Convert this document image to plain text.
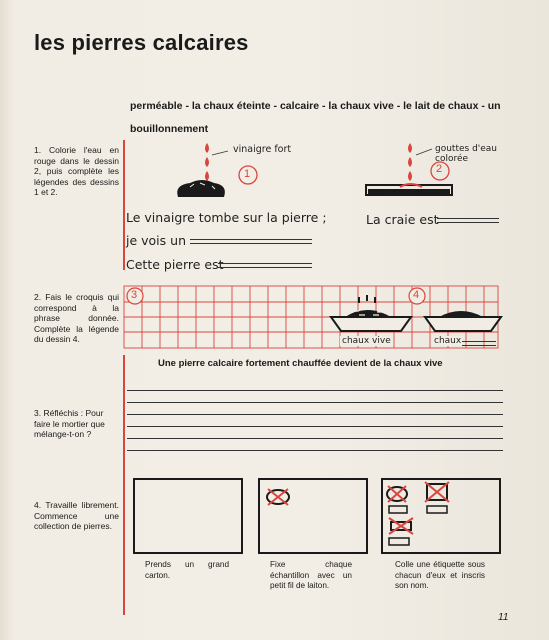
les pierres calcaires
perméable - la chaux éteinte - calcaire - la chaux vive - le lait de chaux - un bouillonnement
1. Colorie l'eau en rouge dans le dessin 2, puis complète les légendes des dessins 1 et 2.
vinaigre fort
1
gouttes d'eau colorée
2
Le vinaigre tombe sur la pierre ;
je vois un
Cette pierre est
La craie est
2. Fais le croquis qui correspond à la phrase donnée. Complète la légende du dessin 4.
3	4
chaux vive	chaux
Une pierre calcaire fortement chauffée devient de la chaux vive
3. Réfléchis : Pour faire le mortier que mélange-t-on ?
4. Travaille librement. Commence une collection de pierres.
Prends un grand carton.
Fixe chaque échantillon avec un petit fil de laiton.
Colle une étiquette sous chacun d'eux et inscris son nom.
11
